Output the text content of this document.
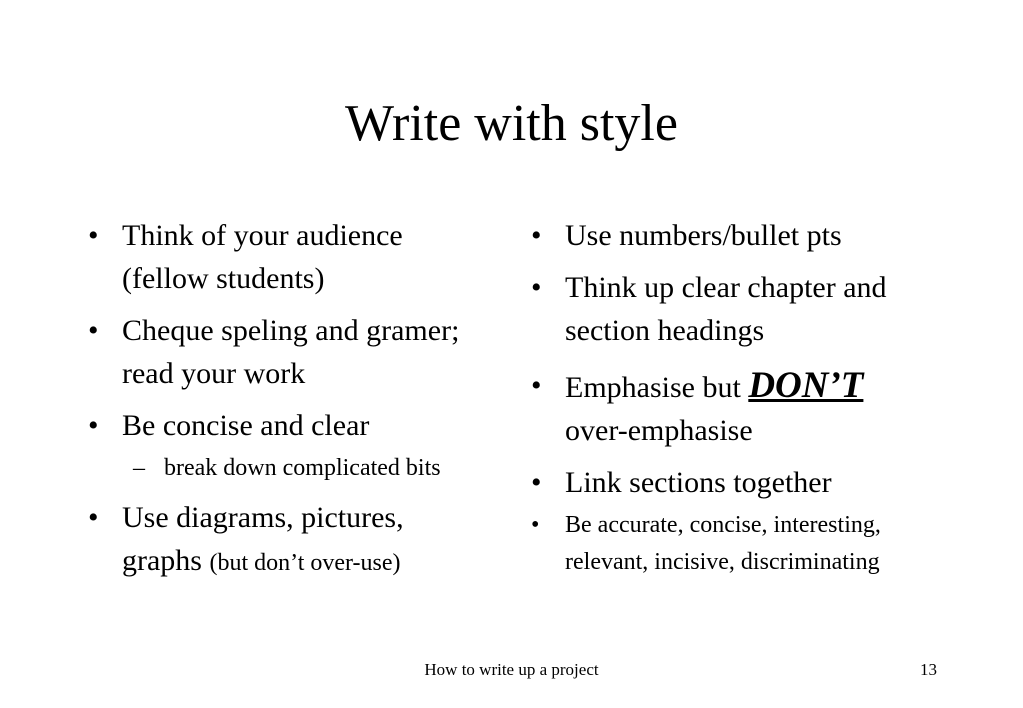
Write with style
• Think of your audience (fellow students)
• Cheque speling and gramer; read your work
• Be concise and clear
– break down complicated bits
• Use diagrams, pictures, graphs (but don’t over-use)
• Use numbers/bullet pts
• Think up clear chapter and section headings
• Emphasise but DON’T
over-emphasise
• Link sections together
• Be accurate, concise, interesting, relevant, incisive, discriminating
How to write up a project	13
